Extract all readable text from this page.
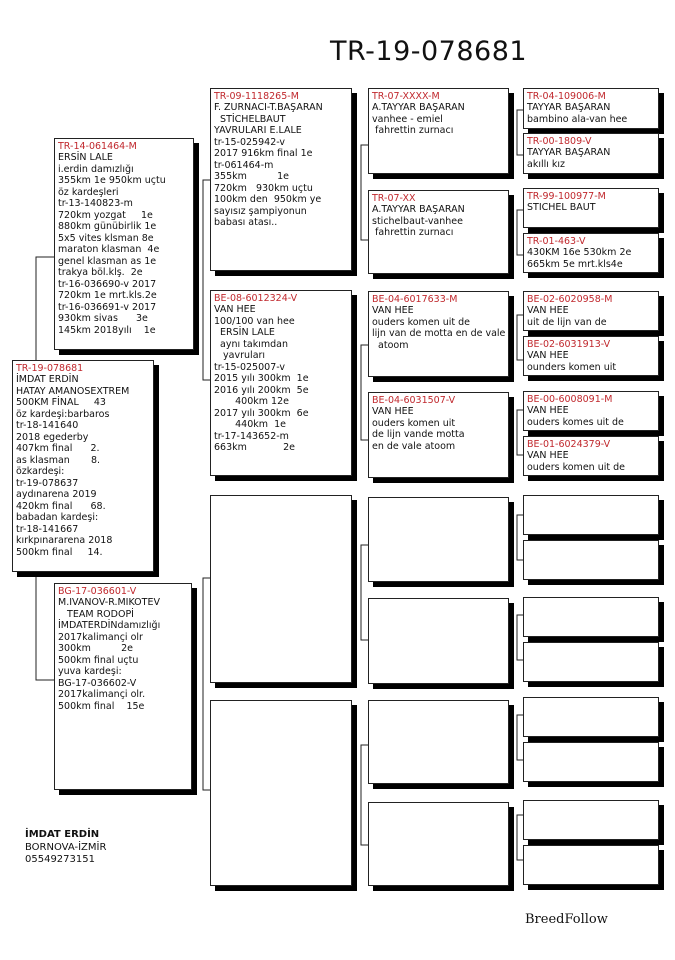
TR-19-078681
TR-19-078681
İMDAT ERDİN
HATAY AMANOSEXTREM
500KM FİNAL     43
öz kardeşi:barbaros
tr-18-141640
2018 egederby
407km final      2.
as klasman       8.
özkardeşi:
tr-19-078637
aydınarena 2019
420km final      68.
babadan kardeşi:
tr-18-141667
kırkpınararena 2018
500km final     14.
TR-14-061464-M
ERSİN LALE
i.erdin damızlığı
355km 1e 950km uçtu
öz kardeşleri
tr-13-140823-m
720km yozgat     1e
880km günübirlik 1e
5x5 vites klsman 8e
maraton klasman  4e
genel klasman as 1e
trakya böl.klş.  2e
tr-16-036690-v 2017
720km 1e mrt.kls.2e
tr-16-036691-v 2017
930km sivas      3e
145km 2018yılı    1e
BG-17-036601-V
M.IVANOV-R.MIKOTEV
TEAM RODOPİ
İMDATERDİNdamızlığı
2017kalimançi olr
300km          2e
500km final uçtu
yuva kardeşi:
BG-17-036602-V
2017kalimançi olr.
500km final    15e
TR-09-1118265-M
F. ZURNACI-T.BAŞARAN
STİCHELBAUT
YAVRULARI E.LALE
tr-15-025942-v
2017 916km final 1e
tr-061464-m
355km          1e
720km   930km uçtu
100km den  950km ye
sayısız şampiyonun
babası atası..
BE-08-6012324-V
VAN HEE
100/100 van hee
ERSİN LALE
aynı takımdan
yavruları
tr-15-025007-v
2015 yılı 300km  1e
2016 yılı 200km  5e
400km 12e
2017 yılı 300km  6e
440km  1e
tr-17-143652-m
663km            2e
TR-07-XXXX-M
A.TAYYAR BAŞARAN
vanhee - emiel
fahrettin zurnacı
TR-07-XX
A.TAYYAR BAŞARAN
stichelbaut-vanhee
fahrettin zurnacı
BE-04-6017633-M
VAN HEE
ouders komen uit de
lijn van de motta en de vale
atoom
BE-04-6031507-V
VAN HEE
ouders komen uit
de lijn vande motta
en de vale atoom
TR-04-109006-M
TAYYAR BAŞARAN
bambino ala-van hee
TR-00-1809-V
TAYYAR BAŞARAN
akıllı kız
TR-99-100977-M
STICHEL BAUT
TR-01-463-V
430KM 16e 530km 2e
665km 5e mrt.kls4e
BE-02-6020958-M
VAN HEE
uit de lijn van de
BE-02-6031913-V
VAN HEE
ounders komen uit
BE-00-6008091-M
VAN HEE
ouders komes uit de
BE-01-6024379-V
VAN HEE
ouders komen uit de
İMDAT ERDİN
BORNOVA-İZMİR
05549273151
BreedFollow
